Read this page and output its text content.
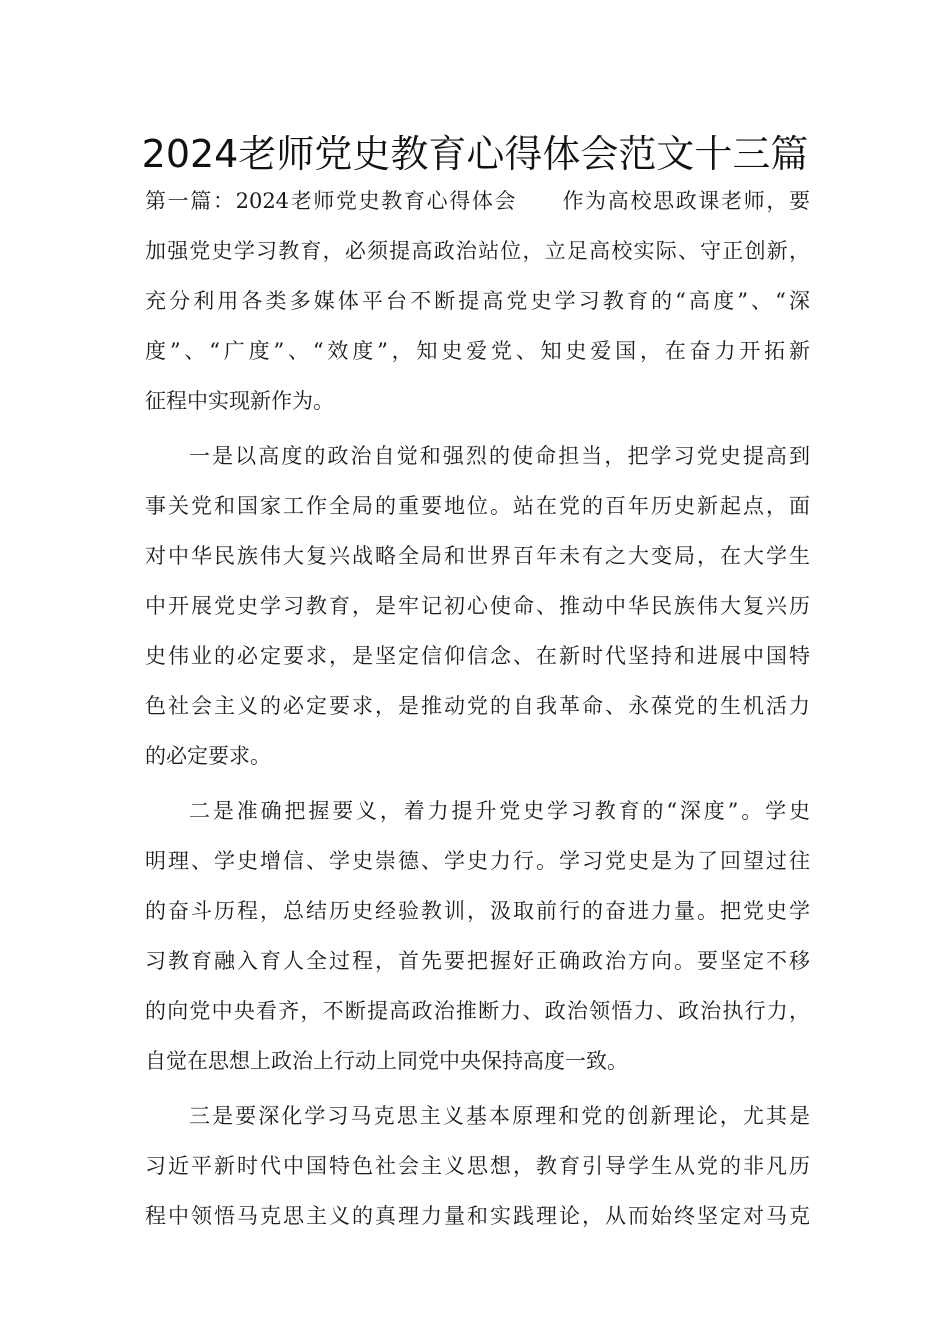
2024老师党史教育心得体会范文十三篇
第一篇：2024老师党史教育心得体会　　作为高校思政课老师，要
加强党史学习教育，必须提高政治站位，立足高校实际、守正创新，
充分利用各类多媒体平台不断提高党史学习教育的“高度”、“深
度”、“广度”、“效度”，知史爱党、知史爱国，在奋力开拓新
征程中实现新作为。
一是以高度的政治自觉和强烈的使命担当，把学习党史提高到
事关党和国家工作全局的重要地位。站在党的百年历史新起点，面
对中华民族伟大复兴战略全局和世界百年未有之大变局，在大学生
中开展党史学习教育，是牢记初心使命、推动中华民族伟大复兴历
史伟业的必定要求，是坚定信仰信念、在新时代坚持和进展中国特
色社会主义的必定要求，是推动党的自我革命、永葆党的生机活力
的必定要求。
二是准确把握要义，着力提升党史学习教育的“深度”。学史
明理、学史增信、学史崇德、学史力行。学习党史是为了回望过往
的奋斗历程，总结历史经验教训，汲取前行的奋进力量。把党史学
习教育融入育人全过程，首先要把握好正确政治方向。要坚定不移
的向党中央看齐，不断提高政治推断力、政治领悟力、政治执行力，
自觉在思想上政治上行动上同党中央保持高度一致。
三是要深化学习马克思主义基本原理和党的创新理论，尤其是
习近平新时代中国特色社会主义思想，教育引导学生从党的非凡历
程中领悟马克思主义的真理力量和实践理论，从而始终坚定对马克
